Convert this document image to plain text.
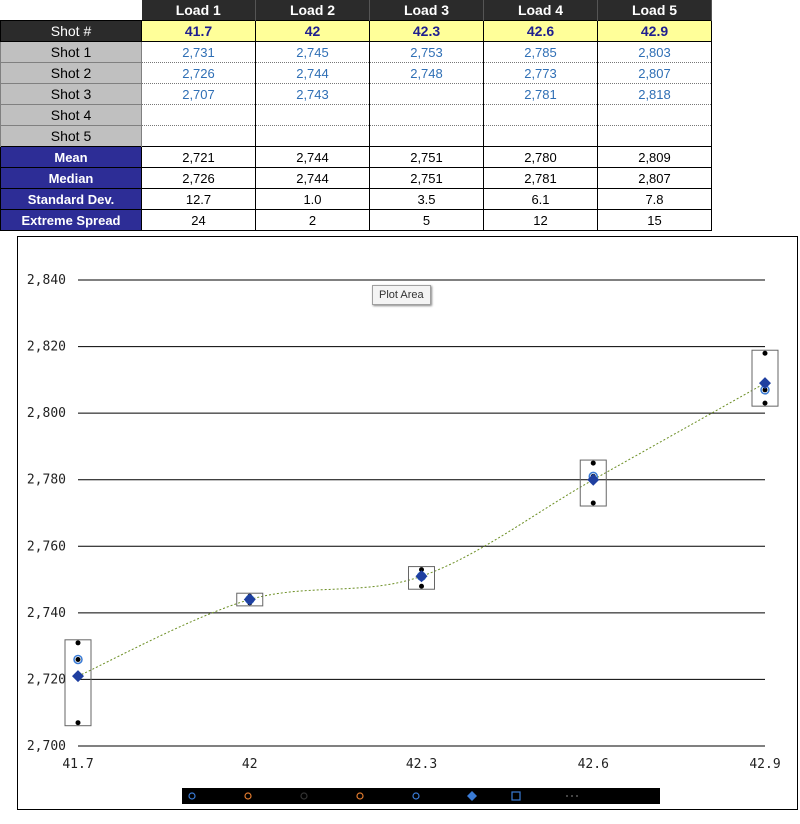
	Load 1	Load 2	Load 3	Load 4	Load 5
Shot #	41.7	42	42.3	42.6	42.9
Shot 1	2,731	2,745	2,753	2,785	2,803
Shot 2	2,726	2,744	2,748	2,773	2,807
Shot 3	2,707	2,743		2,781	2,818
Shot 4					
Shot 5					
Mean	2,721	2,744	2,751	2,780	2,809
Median	2,726	2,744	2,751	2,781	2,807
Standard Dev.	12.7	1.0	3.5	6.1	7.8
Extreme Spread	24	2	5	12	15
2,700
2,720
2,740
2,760
2,780
2,800
2,820
2,840
41.7	42	42.3	42.6	42.9
Plot Area
